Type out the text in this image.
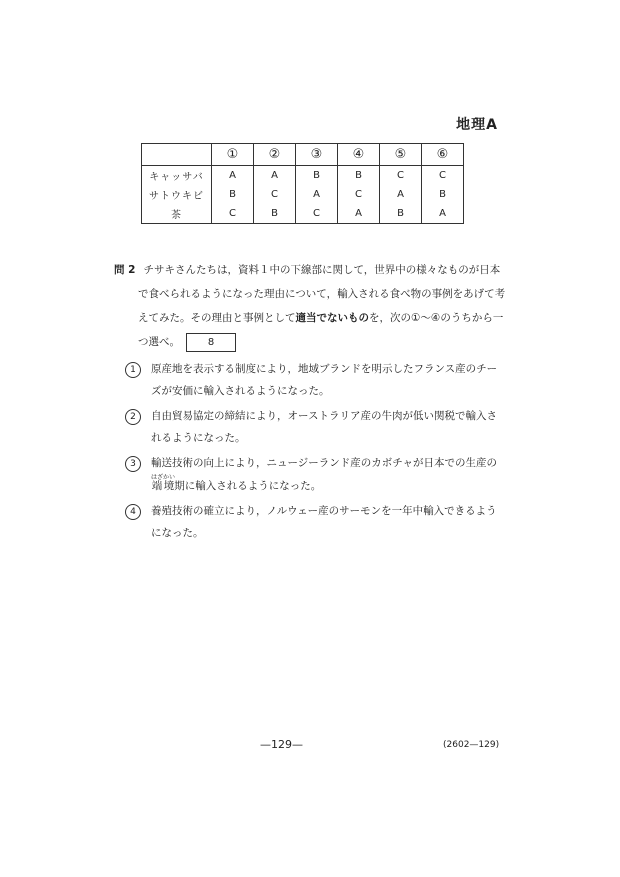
地理A
	①	②	③	④	⑤	⑥
キャッサバ	A	A	B	B	C	C
サトウキビ	B	C	A	C	A	B
茶	C	B	C	A	B	A
問 2 チサキさんたちは，資料１中の下線部に関して，世界中の様々なものが日本
で食べられるようになった理由について，輸入される食べ物の事例をあげて考
えてみた。その理由と事例として適当でないものを，次の①～④のうちから一
つ選べ。	8
1	原産地を表示する制度により，地域ブランドを明示したフランス産のチー
ズが安価に輸入されるようになった。
2	自由貿易協定の締結により，オーストラリア産の牛肉が低い関税で輸入さ
れるようになった。
3	輸送技術の向上により，ニュージーランド産のカボチャが日本での生産の
端境はざかい期に輸入されるようになった。
4	養殖技術の確立により，ノルウェー産のサーモンを一年中輸入できるよう
になった。
—129—	(2602—129)
